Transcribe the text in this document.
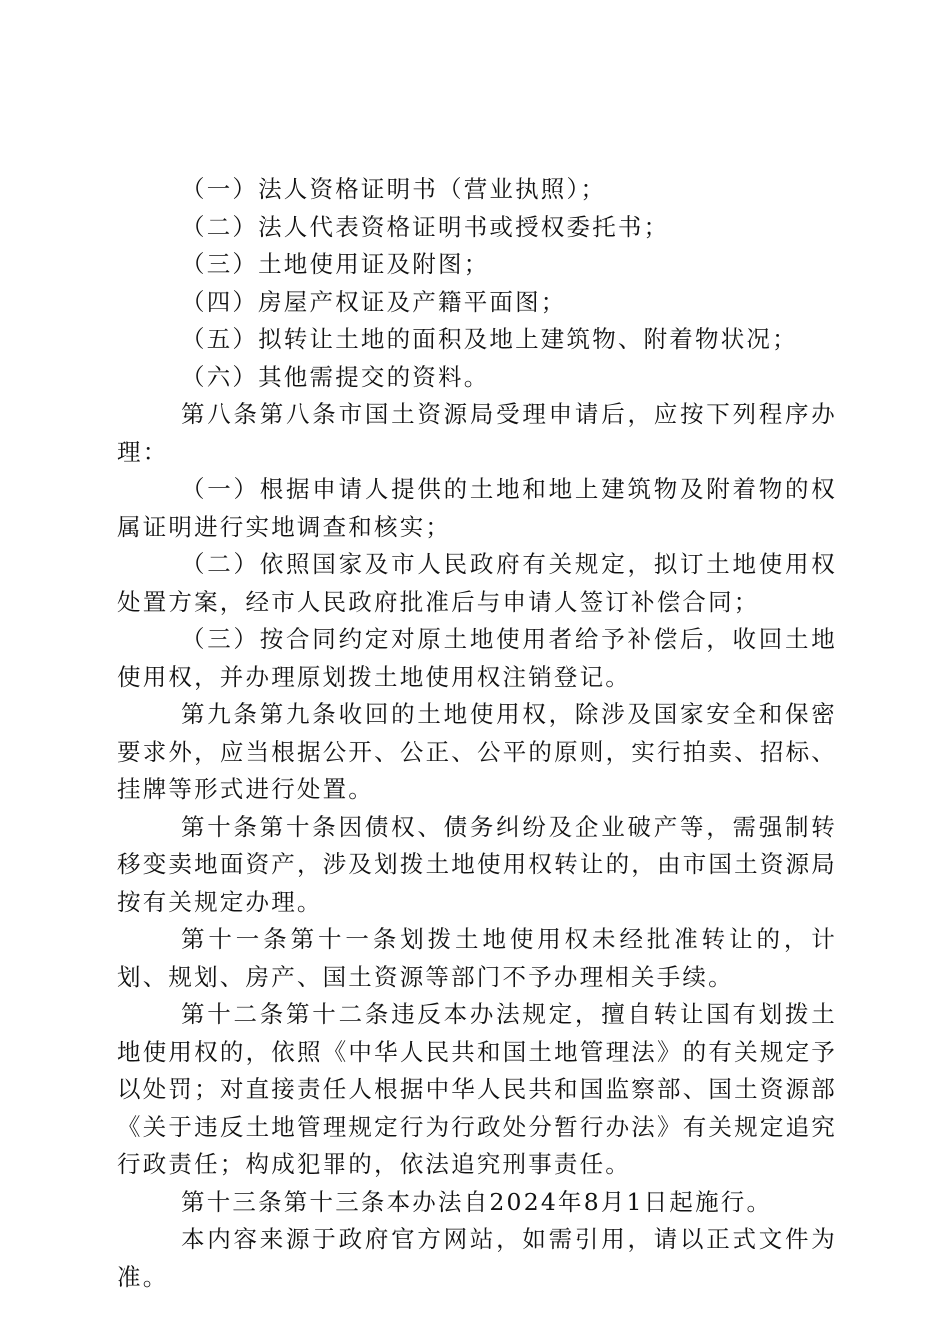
（一）法人资格证明书（营业执照）；

（二）法人代表资格证明书或授权委托书；

（三）土地使用证及附图；

（四）房屋产权证及产籍平面图；

（五）拟转让土地的面积及地上建筑物、附着物状况；

（六）其他需提交的资料。

第八条第八条市国土资源局受理申请后，应按下列程序办理：

（一）根据申请人提供的土地和地上建筑物及附着物的权属证明进行实地调查和核实；

（二）依照国家及市人民政府有关规定，拟订土地使用权处置方案，经市人民政府批准后与申请人签订补偿合同；

（三）按合同约定对原土地使用者给予补偿后，收回土地使用权，并办理原划拨土地使用权注销登记。

第九条第九条收回的土地使用权，除涉及国家安全和保密要求外，应当根据公开、公正、公平的原则，实行拍卖、招标、挂牌等形式进行处置。

第十条第十条因债权、债务纠纷及企业破产等，需强制转移变卖地面资产，涉及划拨土地使用权转让的，由市国土资源局按有关规定办理。

第十一条第十一条划拨土地使用权未经批准转让的，计划、规划、房产、国土资源等部门不予办理相关手续。

第十二条第十二条违反本办法规定，擅自转让国有划拨土地使用权的，依照《中华人民共和国土地管理法》的有关规定予以处罚；对直接责任人根据中华人民共和国监察部、国土资源部《关于违反土地管理规定行为行政处分暂行办法》有关规定追究行政责任；构成犯罪的，依法追究刑事责任。

第十三条第十三条本办法自2024年8月1日起施行。

本内容来源于政府官方网站，如需引用，请以正式文件为准。
